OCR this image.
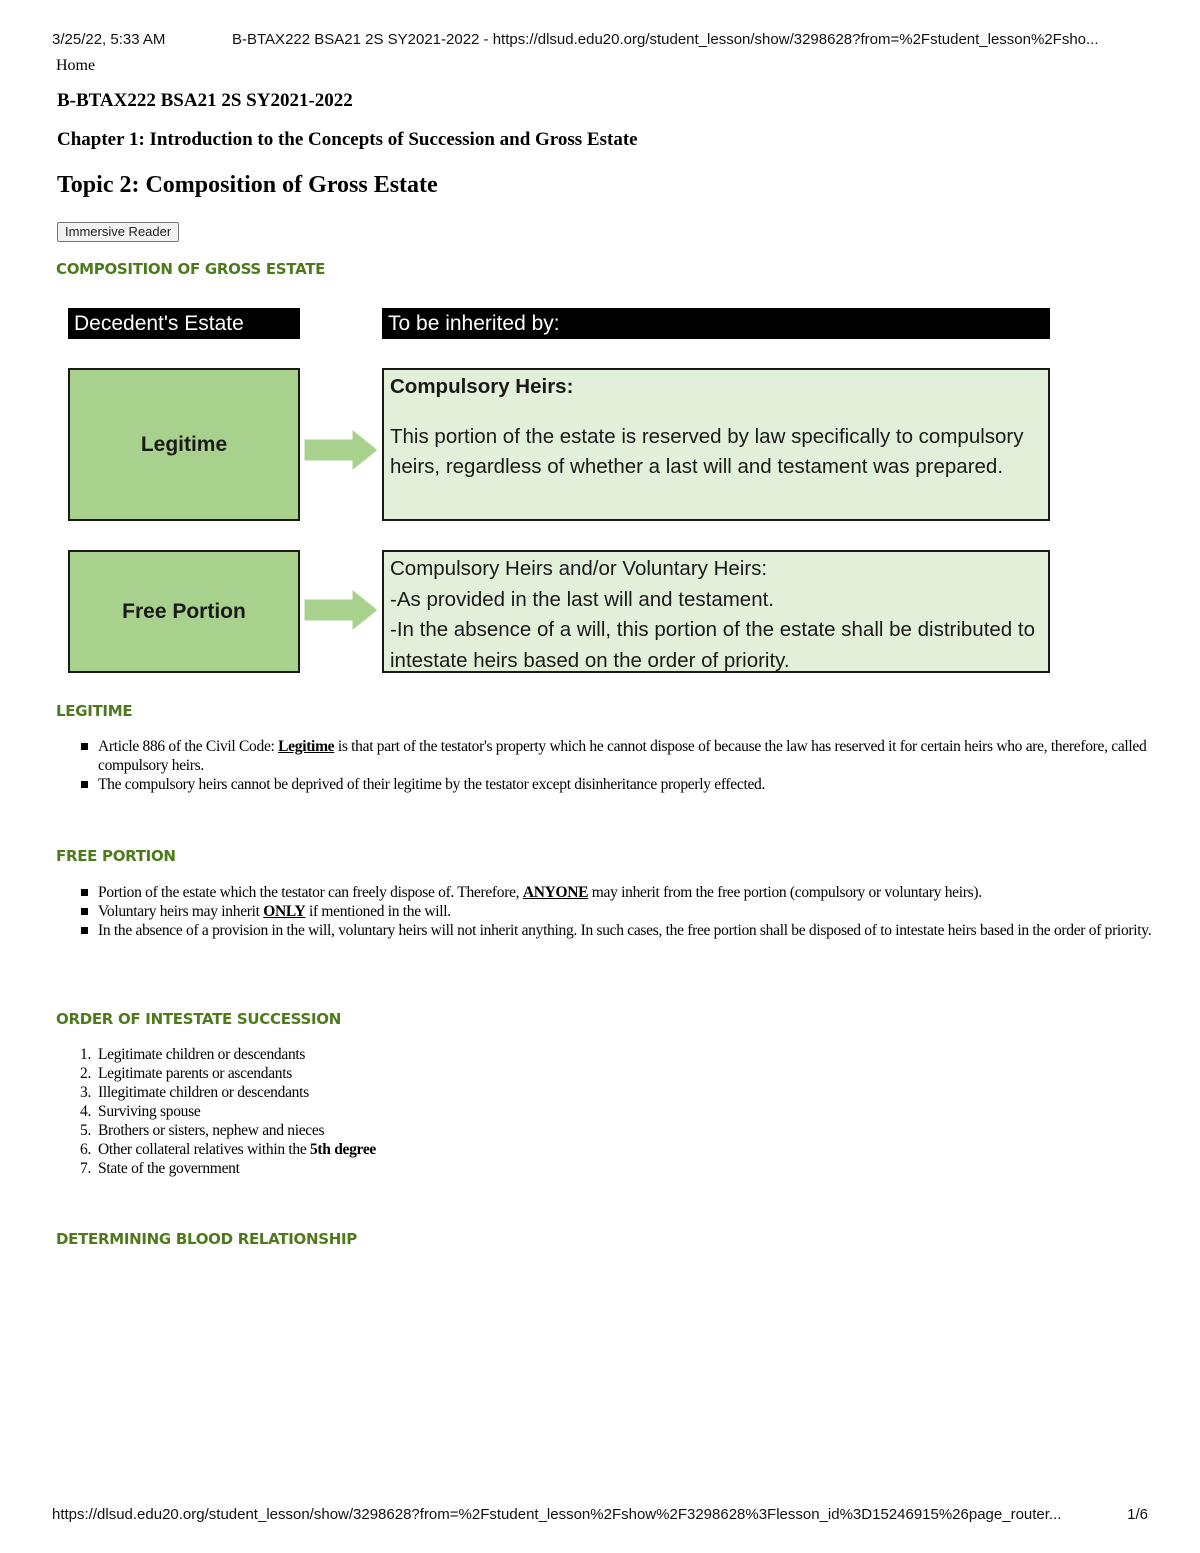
3/25/22, 5:33 AM	B-BTAX222 BSA21 2S SY2021-2022 - https://dlsud.edu20.org/student_lesson/show/3298628?from=%2Fstudent_lesson%2Fsho...
Home
B-BTAX222 BSA21 2S SY2021-2022
Chapter 1: Introduction to the Concepts of Succession and Gross Estate
Topic 2: Composition of Gross Estate
Immersive Reader
COMPOSITION OF GROSS ESTATE
Decedent's Estate	To be inherited by:
Legitime
Compulsory Heirs:
This portion of the estate is reserved by law specifically to compulsory heirs, regardless of whether a last will and testament was prepared.
Free Portion
Compulsory Heirs and/or Voluntary Heirs:
-As provided in the last will and testament.
-In the absence of a will, this portion of the estate shall be distributed to intestate heirs based on the order of priority.
LEGITIME
Article 886 of the Civil Code: Legitime is that part of the testator's property which he cannot dispose of because the law has reserved it for certain heirs who are, therefore, called compulsory heirs.
The compulsory heirs cannot be deprived of their legitime by the testator except disinheritance properly effected.
FREE PORTION
Portion of the estate which the testator can freely dispose of. Therefore, ANYONE may inherit from the free portion (compulsory or voluntary heirs).
Voluntary heirs may inherit ONLY if mentioned in the will.
In the absence of a provision in the will, voluntary heirs will not inherit anything. In such cases, the free portion shall be disposed of to intestate heirs based in the order of priority.
ORDER OF INTESTATE SUCCESSION
1. Legitimate children or descendants
2. Legitimate parents or ascendants
3. Illegitimate children or descendants
4. Surviving spouse
5. Brothers or sisters, nephew and nieces
6. Other collateral relatives within the 5th degree
7. State of the government
DETERMINING BLOOD RELATIONSHIP
https://dlsud.edu20.org/student_lesson/show/3298628?from=%2Fstudent_lesson%2Fshow%2F3298628%3Flesson_id%3D15246915%26page_router...	1/6
